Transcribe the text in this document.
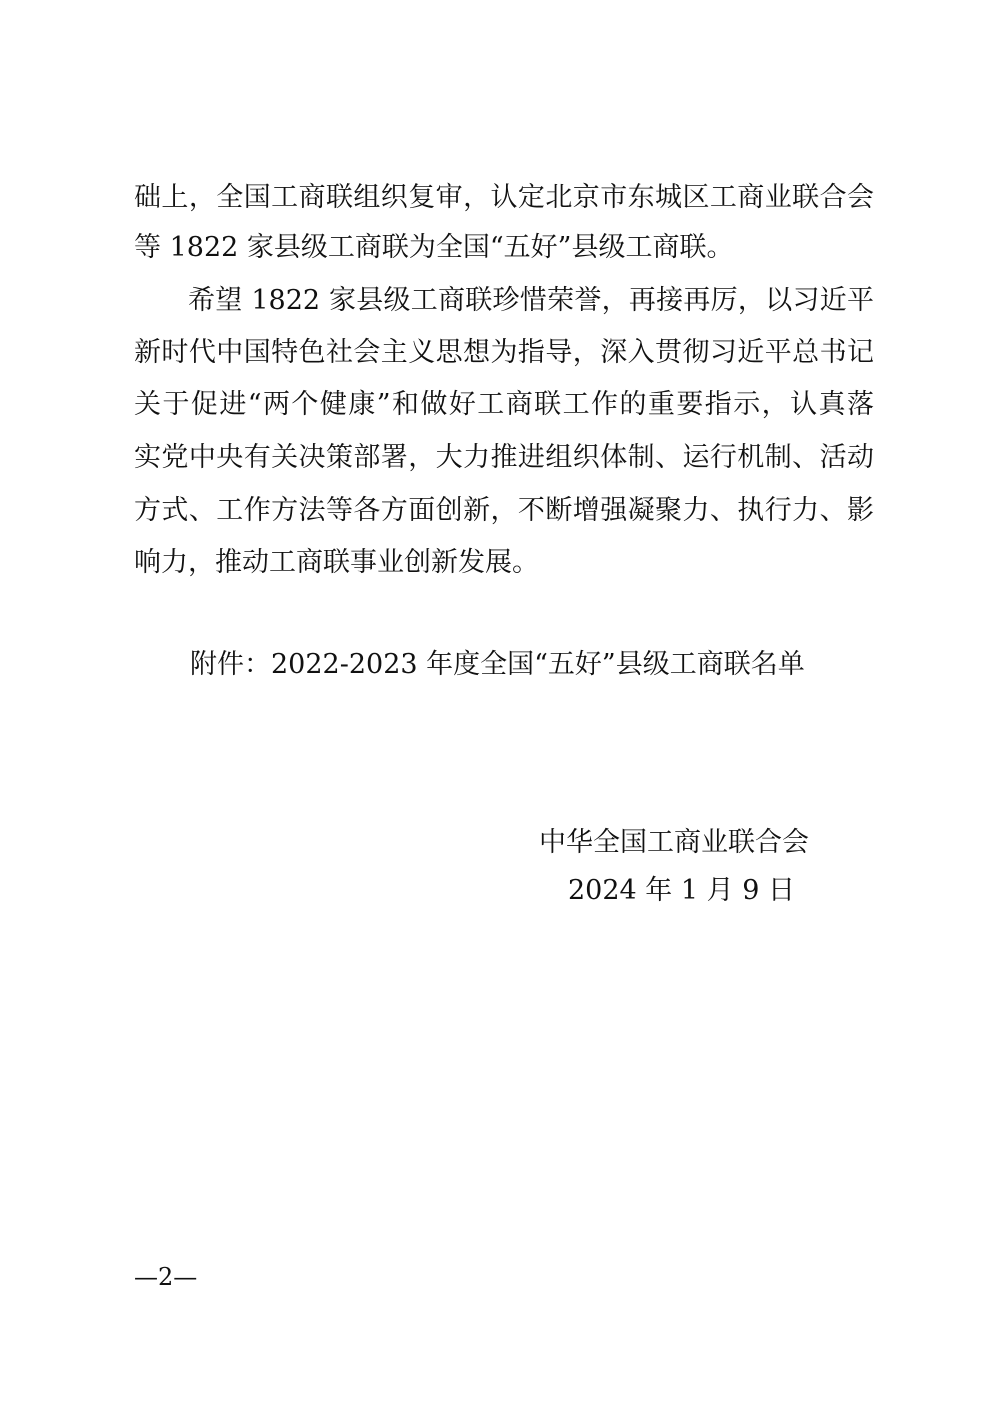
础上，全国工商联组织复审，认定北京市东城区工商业联合会
等 1822 家县级工商联为全国“五好”县级工商联。
希望 1822 家县级工商联珍惜荣誉，再接再厉，以习近平
新时代中国特色社会主义思想为指导，深入贯彻习近平总书记
关于促进“两个健康”和做好工商联工作的重要指示，认真落
实党中央有关决策部署，大力推进组织体制、运行机制、活动
方式、工作方法等各方面创新，不断增强凝聚力、执行力、影
响力，推动工商联事业创新发展。
附件：2022-2023 年度全国“五好”县级工商联名单
中华全国工商业联合会
2024 年 1 月 9 日
—2—
